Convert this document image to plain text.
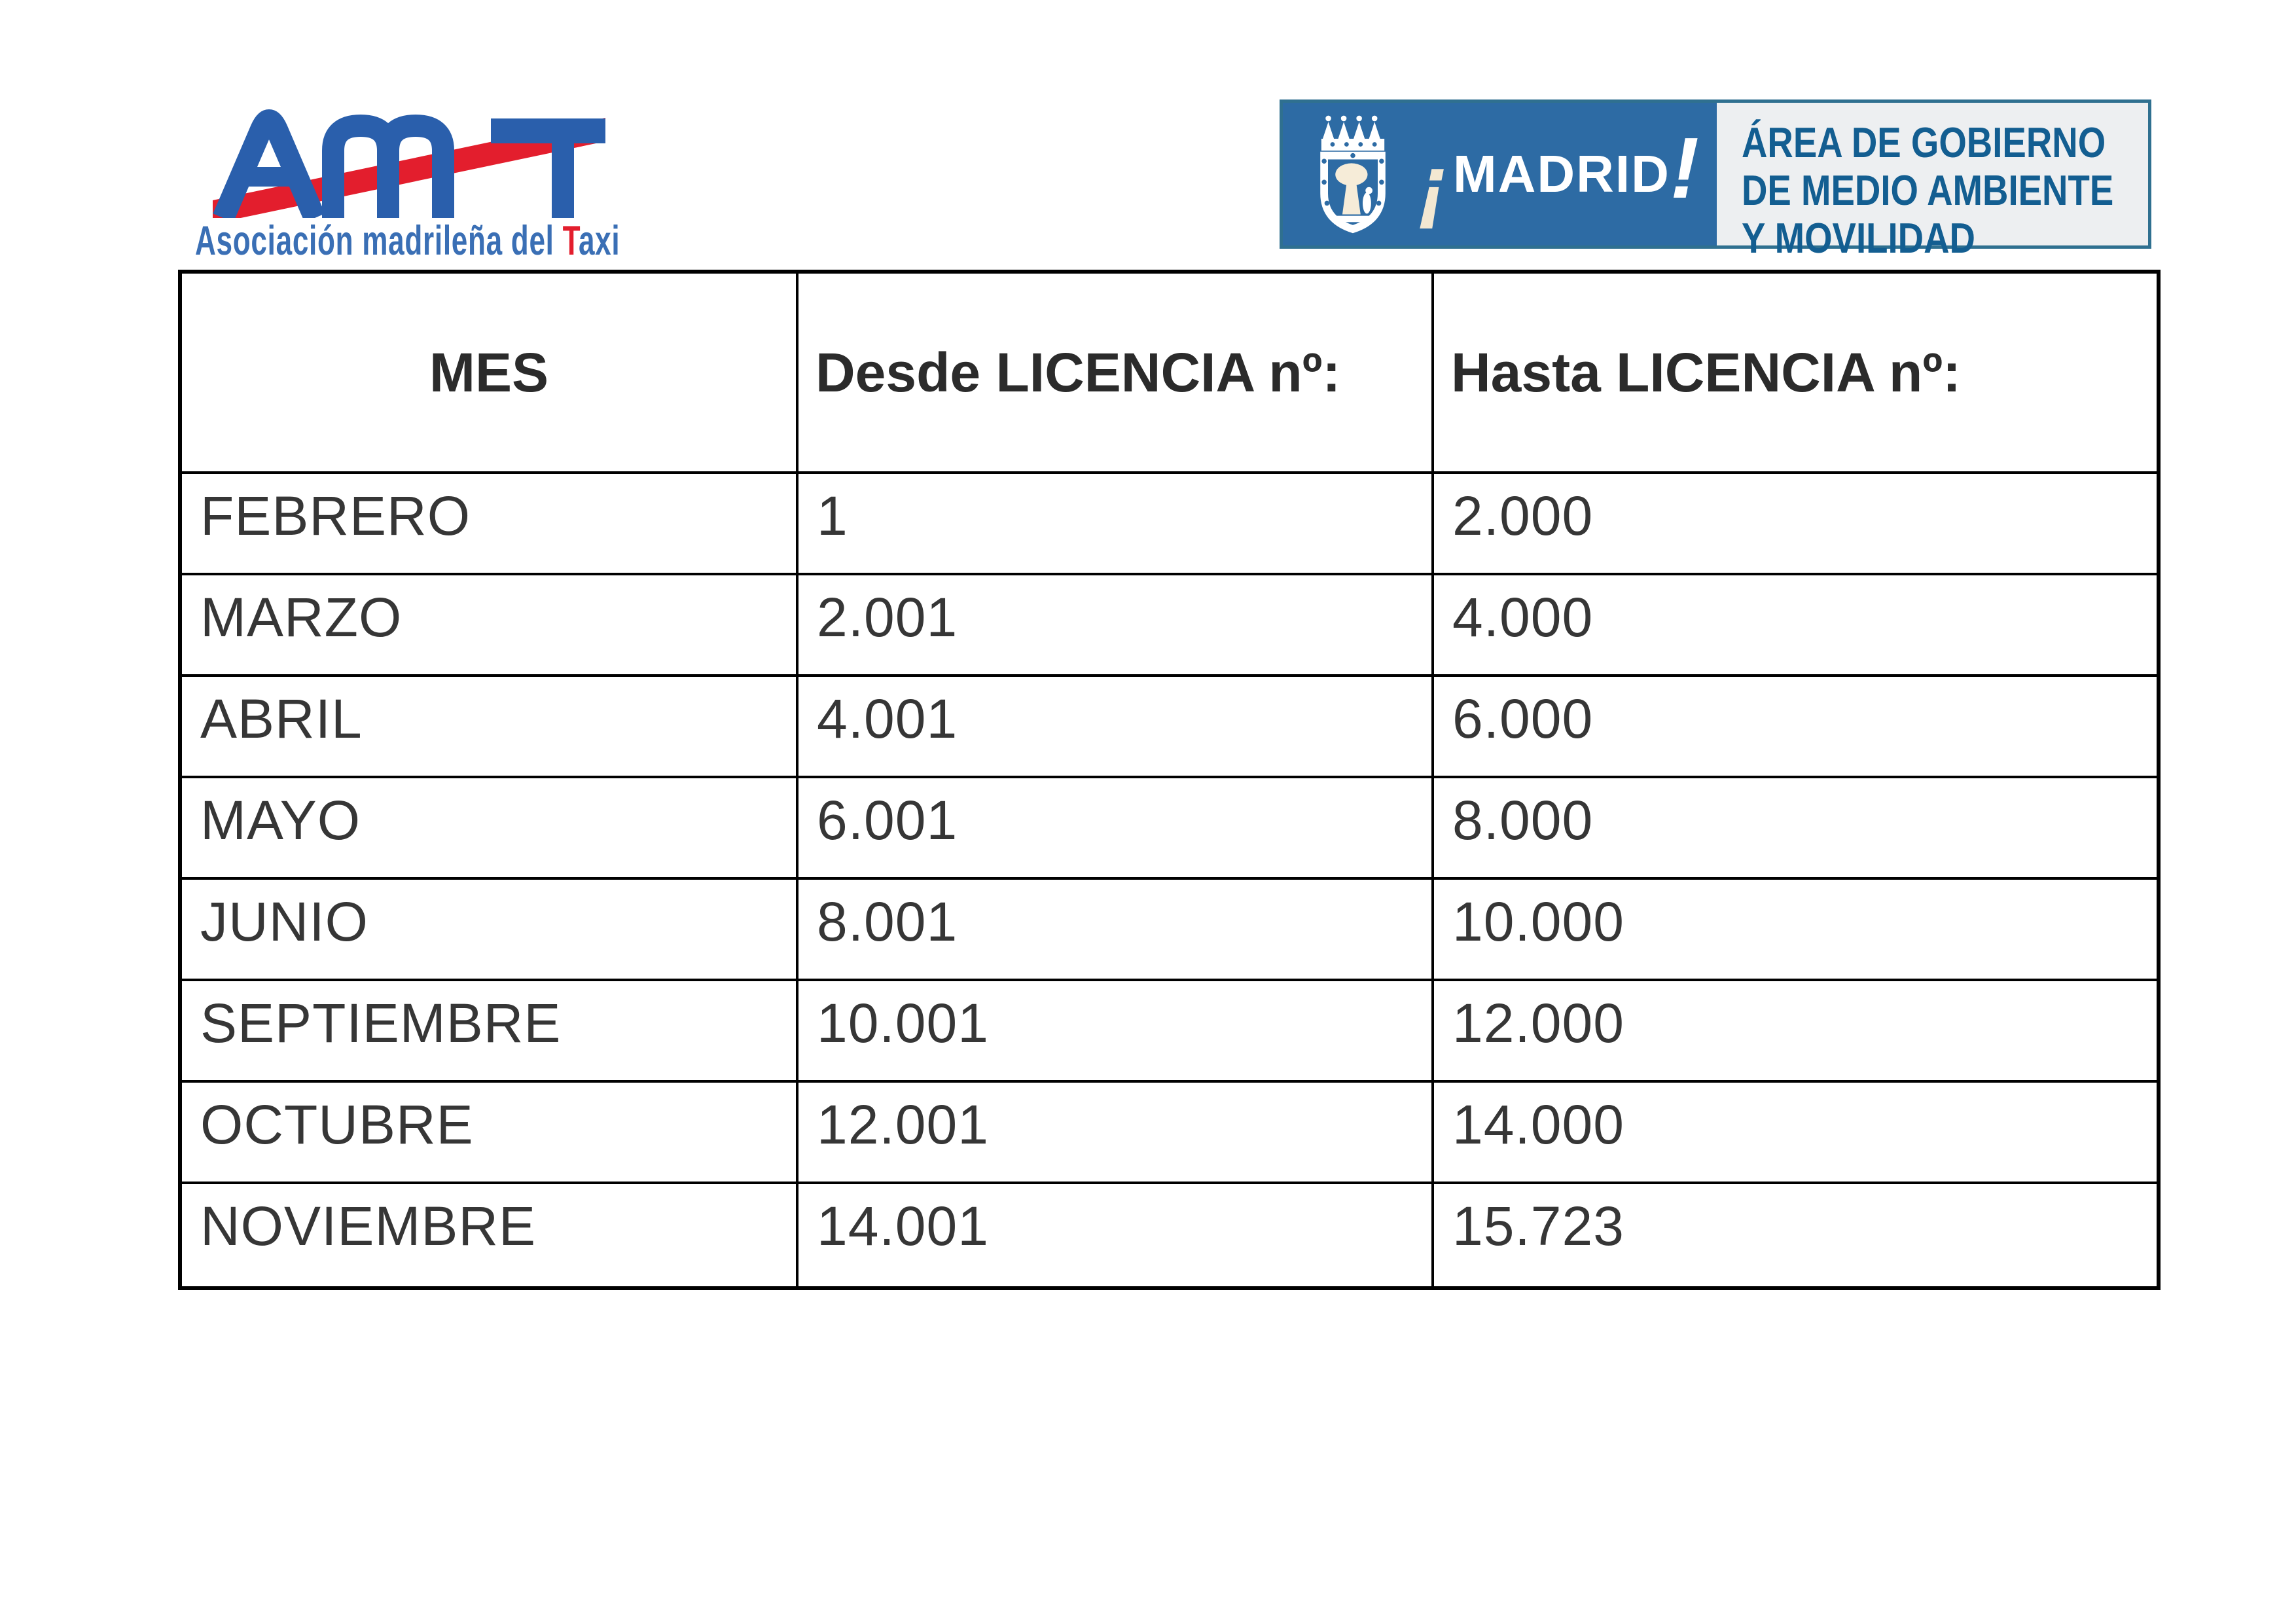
Asociación madrileña del Taxi
¡ MADRID ! ÁREA DE GOBIERNO
DE MEDIO AMBIENTE
Y MOVILIDAD
MES	Desde LICENCIA nº:	Hasta LICENCIA nº:
FEBRERO	1	2.000
MARZO	2.001	4.000
ABRIL	4.001	6.000
MAYO	6.001	8.000
JUNIO	8.001	10.000
SEPTIEMBRE	10.001	12.000
OCTUBRE	12.001	14.000
NOVIEMBRE	14.001	15.723
